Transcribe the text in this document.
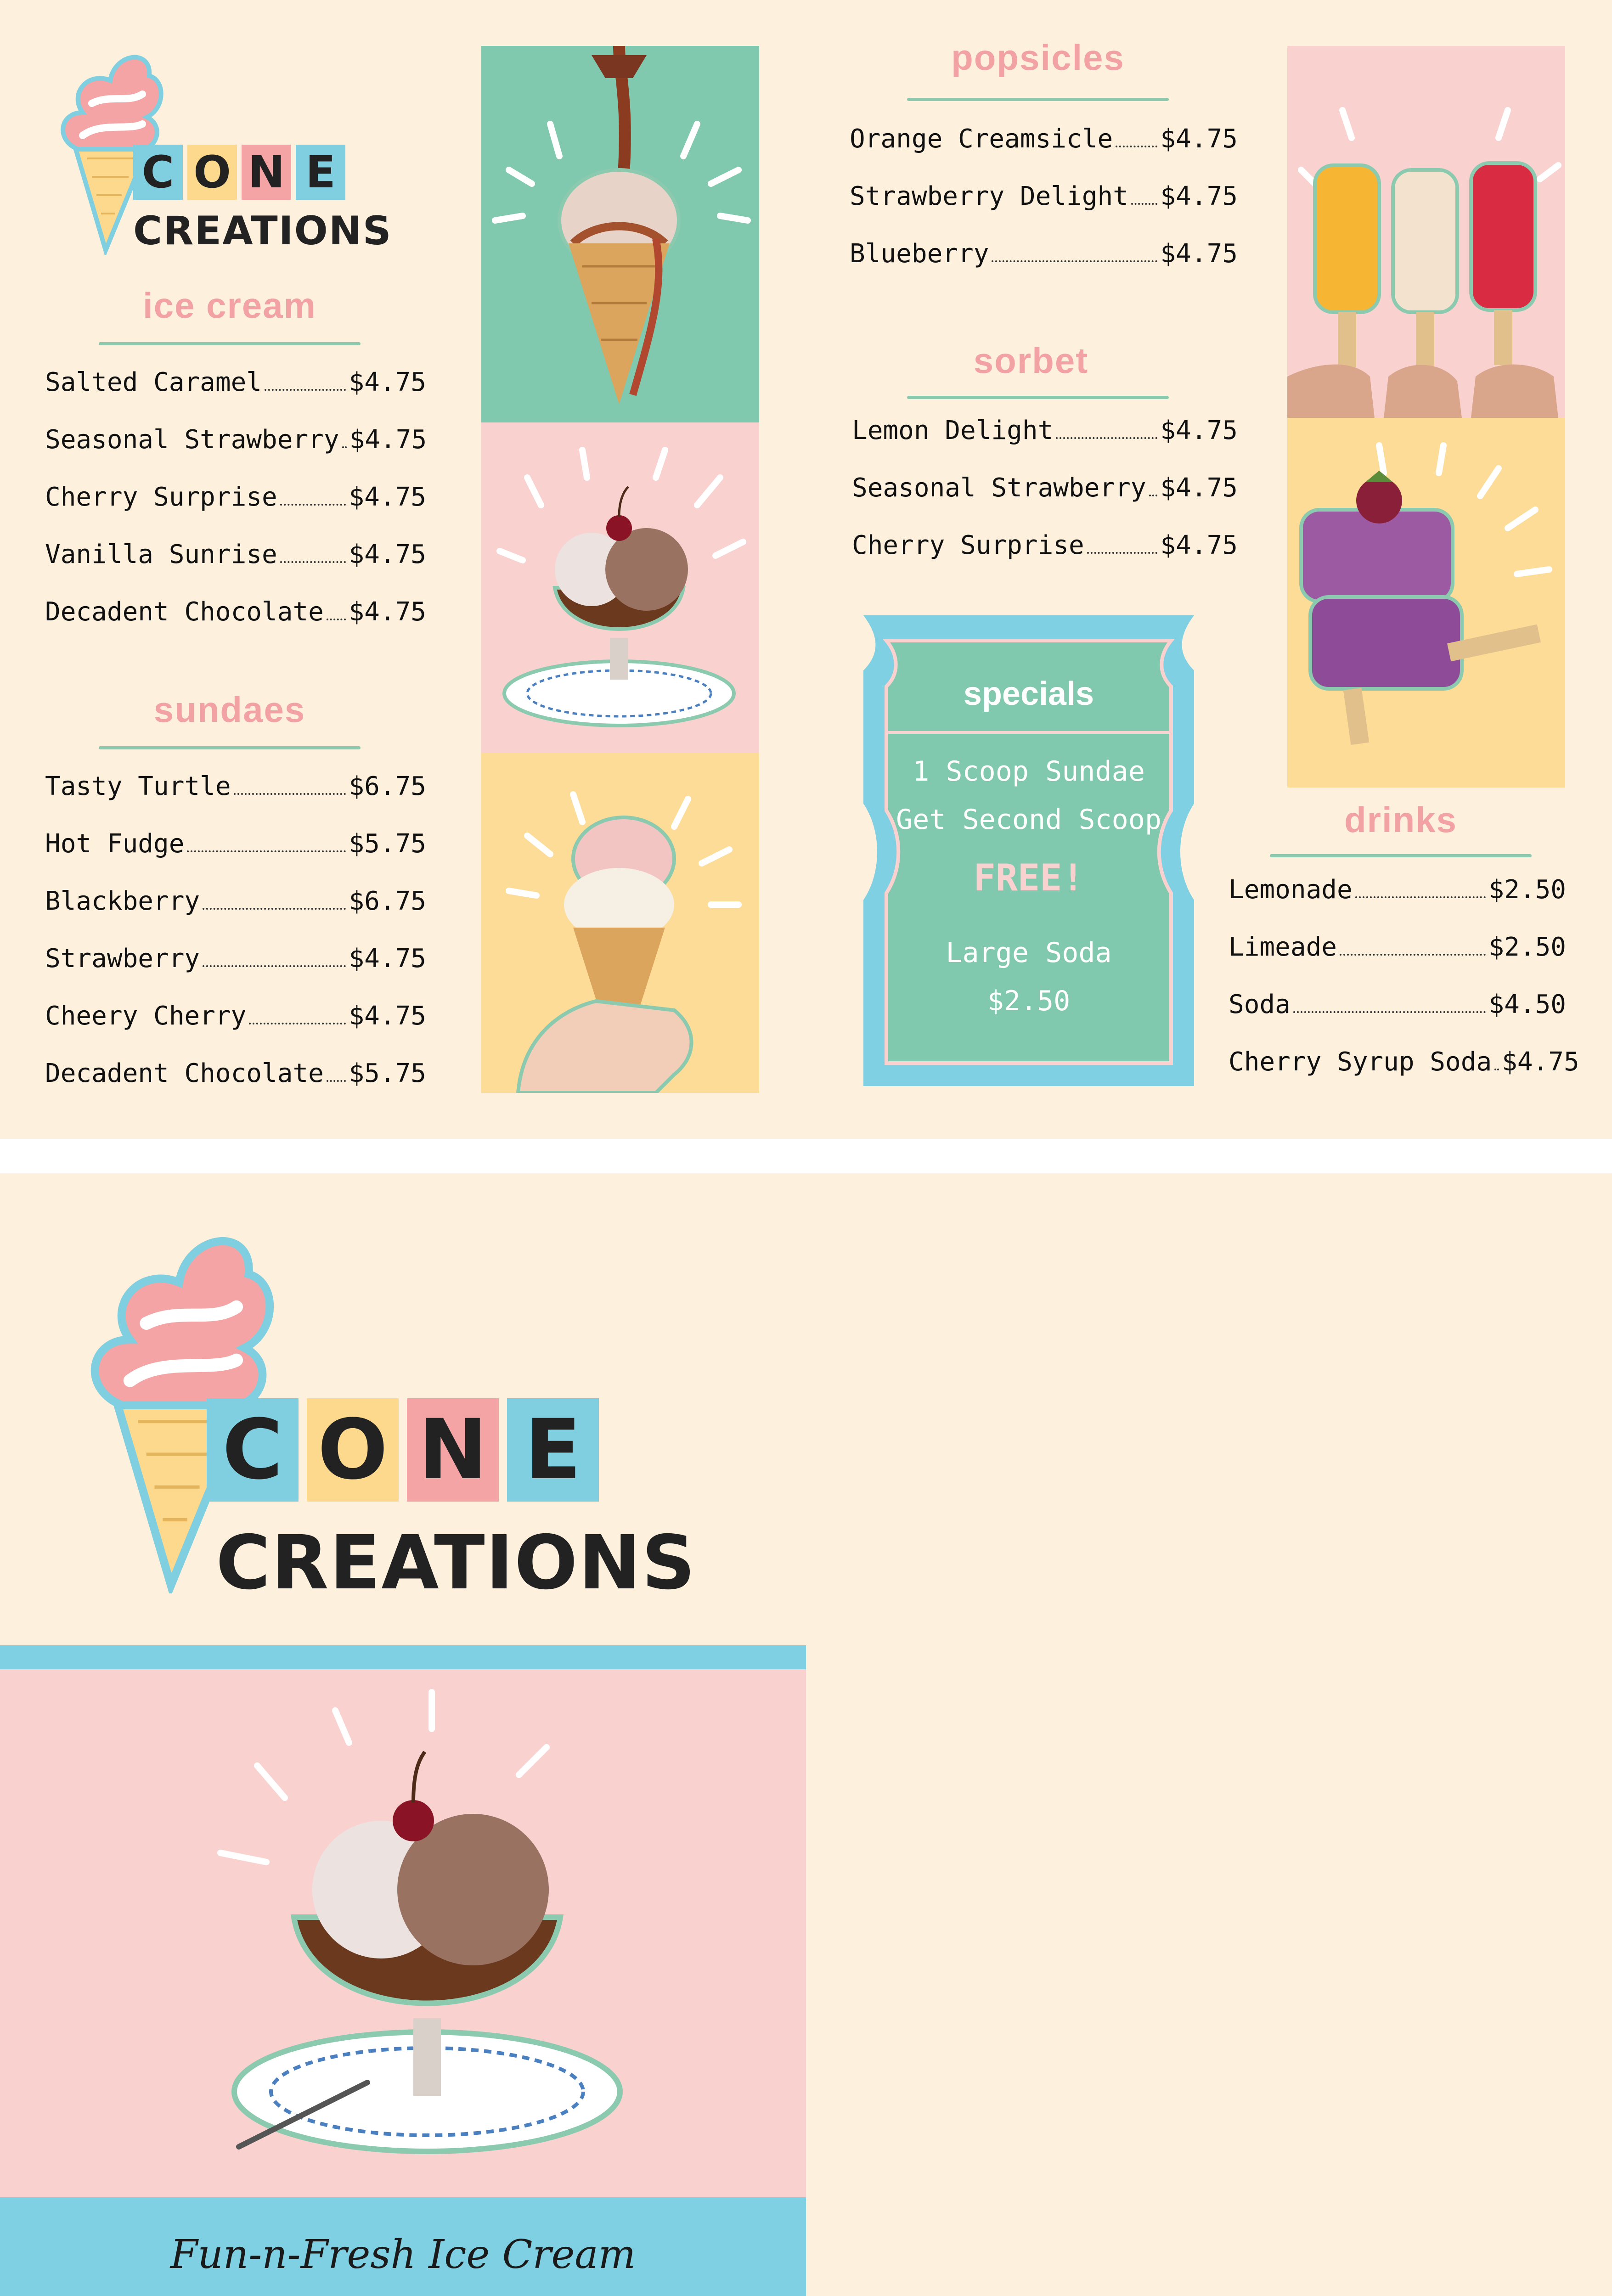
C O N E
CREATIONS
ice cream
Salted Caramel	$4.75
Seasonal Strawberry $4.75
Cherry Surprise	$4.75
Vanilla Sunrise	$4.75
Decadent Chocolate $4.75
sundaes
Tasty Turtle	$6.75
Hot Fudge	$5.75
Blackberry	$6.75
Strawberry	$4.75
Cheery Cherry	$4.75
Decadent Chocolate $5.75
popsicles
Orange Creamsicle $4.75
Strawberry Delight $4.75
Blueberry	$4.75
sorbet
Lemon Delight	$4.75
Seasonal Strawberry $4.75
Cherry Surprise	$4.75
specials
1 Scoop Sundae
Get Second Scoop
FREE!
Large Soda
$2.50
drinks
Lemonade	$2.50
Limeade	$2.50
Soda	$4.50
Cherry Syrup Soda $4.75
C O N E
CREATIONS
Fun-n-Fresh Ice Cream
